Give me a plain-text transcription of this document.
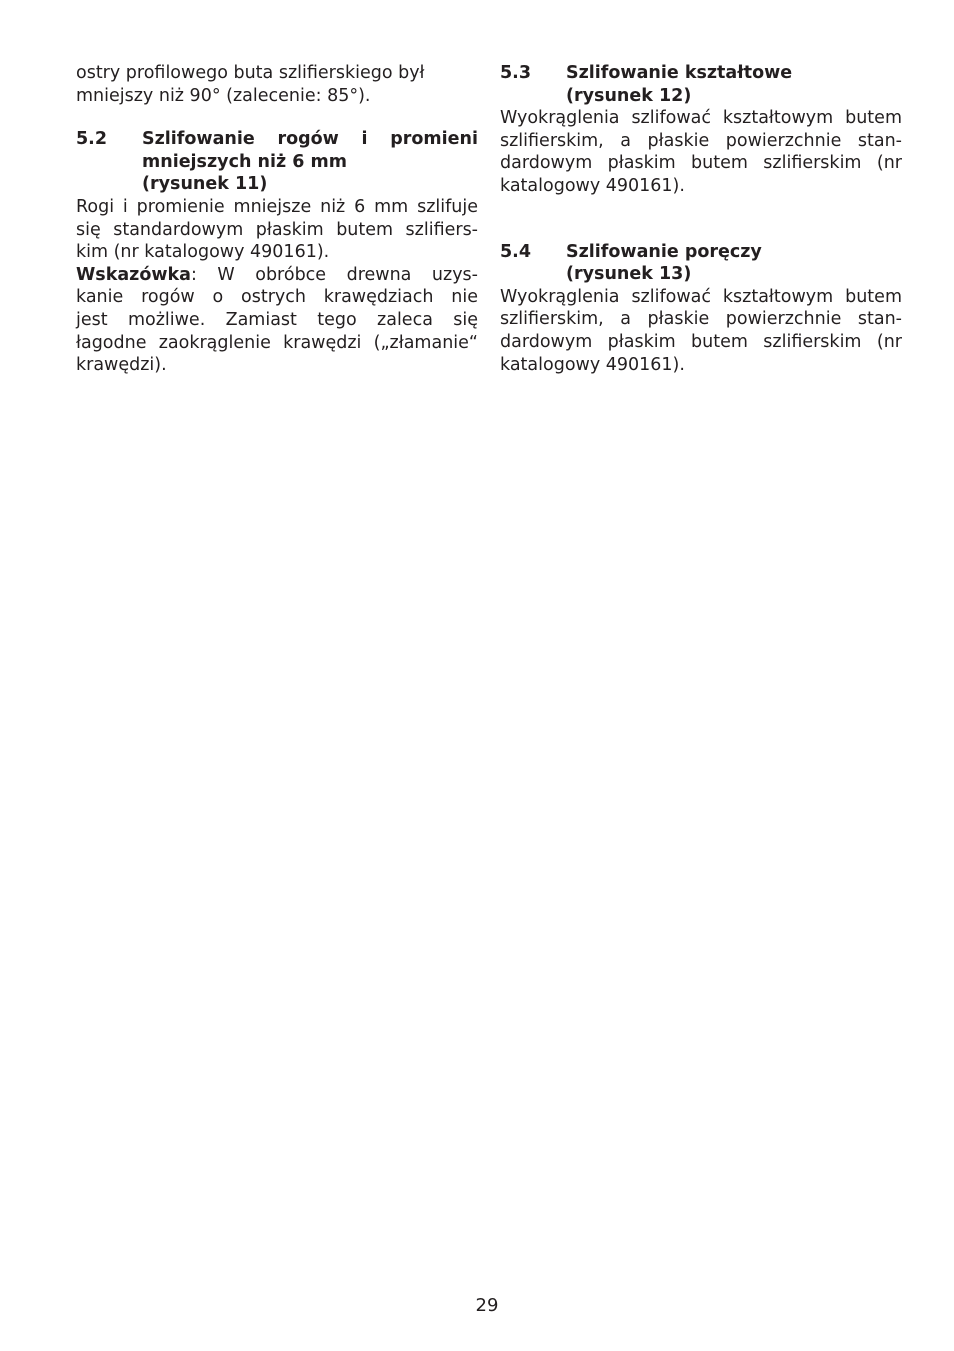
ostry profilowego buta szlifierskiego był
mniejszy niż 90° (zalecenie: 85°).

5.2	Szlifowanie rogów i promieni
mniejszych niż 6 mm
(rysunek 11)

Rogi i promienie mniejsze niż 6 mm szlifuje
się standardowym płaskim butem szlifiers-
kim (nr katalogowy 490161).

Wskazówka: W obróbce drewna uzys-
kanie rogów o ostrych krawędziach nie
jest możliwe. Zamiast tego zaleca się
łagodne zaokrąglenie krawędzi („złamanie“
krawędzi).

5.3	Szlifowanie kształtowe
(rysunek 12)

Wyokrąglenia szlifować kształtowym butem
szlifierskim, a płaskie powierzchnie stan-
dardowym płaskim butem szlifierskim (nr
katalogowy 490161).

5.4	Szlifowanie poręczy
(rysunek 13)

Wyokrąglenia szlifować kształtowym butem
szlifierskim, a płaskie powierzchnie stan-
dardowym płaskim butem szlifierskim (nr
katalogowy 490161).

29
